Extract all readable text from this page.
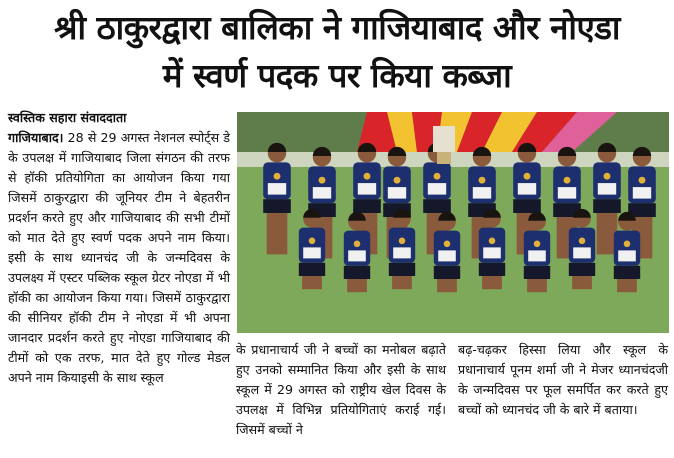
श्री ठाकुरद्वारा बालिका ने गाजियाबाद और नोएडा
में स्वर्ण पदक पर किया कब्जा
स्वस्तिक सहारा संवाददाता
गाजियाबाद। 28 से 29 अगस्त नेशनल स्पोर्ट्स डे के उपलक्ष में गाजियाबाद जिला संगठन की तरफ से हॉकी प्रतियोगिता का आयोजन किया गया जिसमें ठाकुरद्वारा की जूनियर टीम ने बेहतरीन प्रदर्शन करते हुए और गाजियाबाद की सभी टीमों को मात देते हुए स्वर्ण पदक अपने नाम किया। इसी के साथ ध्यानचंद जी के जन्मदिवस के उपलक्ष्य में एस्टर पब्लिक स्कूल ग्रेटर नोएडा में भी हॉकी का आयोजन किया गया। जिसमें ठाकुरद्वारा की सीनियर हॉकी टीम ने नोएडा में भी अपना जानदार प्रदर्शन करते हुए नोएडा गाजियाबाद की टीमों को एक तरफ, मात देते हुए गोल्ड मेडल अपने नाम कियाइसी के साथ स्कूल
के प्रधानाचार्य जी ने बच्चों का मनोबल बढ़ाते हुए उनको सम्मानित किया और इसी के साथ स्कूल में 29 अगस्त को राष्ट्रीय खेल दिवस के उपलक्ष में विभिन्न प्रतियोगिताएं कराई गई। जिसमें बच्चों ने
बढ़-चढ़कर हिस्सा लिया और स्कूल के प्रधानाचार्य पूनम शर्मा जी ने मेजर ध्यानचंदजी के जन्मदिवस पर फूल समर्पित कर करते हुए बच्चों को ध्यानचंद जी के बारे में बताया।
